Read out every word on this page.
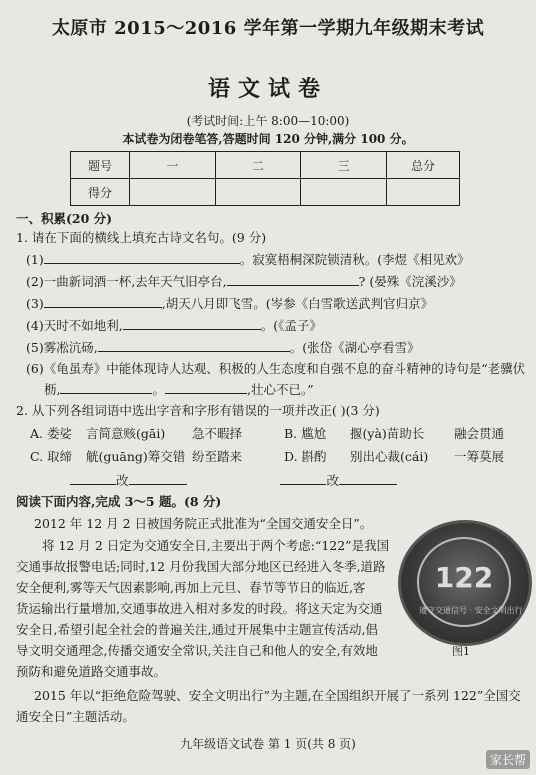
太原市 2015～2016 学年第一学期九年级期末考试
语文试卷
(考试时间:上午 8:00—10:00)
本试卷为闭卷笔答,答题时间 120 分钟,满分 100 分。
题号	一	二	三	总分
得分				
一、积累(20 分)
1. 请在下面的横线上填充古诗文名句。(9 分)
(1)	。寂寞梧桐深院锁清秋。(李煜《相见欢》
(2)一曲新词酒一杯,去年天气旧亭台,	? (晏殊《浣溪沙》
(3)	,胡天八月即飞雪。(岑参《白雪歌送武判官归京》
(4)天时不如地利,	。(《孟子》
(5)雾凇沆砀,	。(张岱《湖心亭看雪》
(6)《龟虽寿》中能体现诗人达观、积极的人生态度和自强不息的奋斗精神的诗句是“老骥伏
枥,	。	,壮心不已。”
2. 从下列各组词语中选出字音和字形有错误的一项并改正( )(3 分)
A. 娄娑 言简意赅(gāi) 急不暇择	B. 尴尬 揠(yà)苗助长 融会贯通
C. 取缔 觥(guāng)筹交错 纷至踏来	D. 斟酌 别出心裁(cái) 一筹莫展
改	改
阅读下面内容,完成 3～5 题。(8 分)
2012 年 12 月 2 日被国务院正式批准为“全国交通安全日”。
将 12 月 2 日定为交通安全日,主要出于两个考虑:“122”是我国
交通事故报警电话;同时,12 月份我国大部分地区已经进入冬季,道路
安全便利,雾等天气因素影响,再加上元旦、春节等节日的临近,客
货运输出行量增加,交通事故进入相对多发的时段。将这天定为交通
安全日,希望引起全社会的普遍关注,通过开展集中主题宣传活动,倡
导文明交通理念,传播交通安全常识,关注自己和他人的安全,有效地
预防和避免道路交通事故。
2015 年以“拒绝危险驾驶、安全文明出行”为主题,在全国组织开展了一系列 122”全国交
通安全日”主题活动。
122
遵守交通信号 · 安全文明出行
图1
九年级语文试卷 第 1 页(共 8 页)
家长帮
